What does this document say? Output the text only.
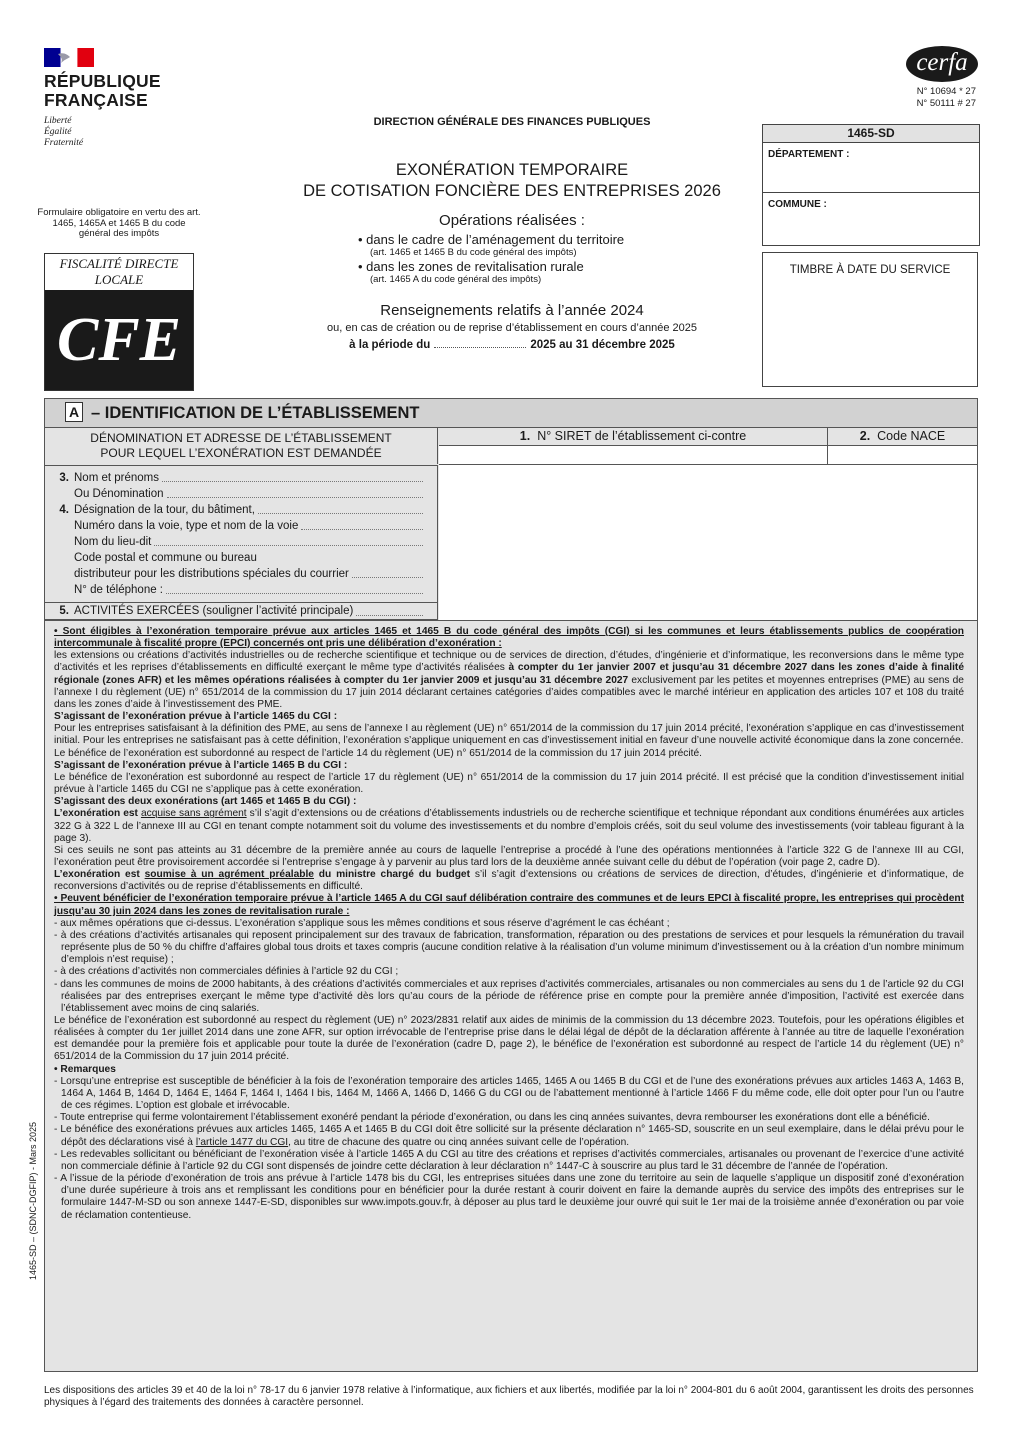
RÉPUBLIQUE
FRANÇAISE
Liberté
Égalité
Fraternité
Formulaire obligatoire en vertu des art. 1465, 1465A et 1465 B du code général des impôts
FISCALITÉ DIRECTE LOCALE
CFE
DIRECTION GÉNÉRALE DES FINANCES PUBLIQUES
EXONÉRATION TEMPORAIRE
DE COTISATION FONCIÈRE DES ENTREPRISES 2026
Opérations réalisées :
• dans le cadre de l’aménagement du territoire
(art. 1465 et 1465 B du code général des impôts)
• dans les zones de revitalisation rurale
(art. 1465 A du code général des impôts)
Renseignements relatifs à l’année 2024
ou, en cas de création ou de reprise d’établissement en cours d’année 2025
à la période du	2025 au 31 décembre 2025
cerfa
N° 10694 * 27
N° 50111 # 27
1465-SD
DÉPARTEMENT :
COMMUNE :
TIMBRE À DATE DU SERVICE
A – IDENTIFICATION DE L’ÉTABLISSEMENT
DÉNOMINATION ET ADRESSE DE L’ÉTABLISSEMENT
POUR LEQUEL L’EXONÉRATION EST DEMANDÉE
1. N° SIRET de l’établissement ci-contre	2. Code NACE
3. Nom et prénoms
Ou Dénomination
4. Désignation de la tour, du bâtiment,
Numéro dans la voie, type et nom de la voie
Nom du lieu-dit
Code postal et commune ou bureau
distributeur pour les distributions spéciales du courrier
N° de téléphone :
5. ACTIVITÉS EXERCÉES (souligner l’activité principale)

• Sont éligibles à l’exonération temporaire prévue aux articles 1465 et 1465 B du code général des impôts (CGI) si les communes et leurs établissements publics de coopération intercommunale à fiscalité propre (EPCI) concernés ont pris une délibération d’exonération :

les extensions ou créations d’activités industrielles ou de recherche scientifique et technique ou de services de direction, d’études, d’ingénierie et d’informatique, les reconversions dans le même type d’activités et les reprises d’établissements en difficulté exerçant le même type d’activités réalisées à compter du 1er janvier 2007 et jusqu’au 31 décembre 2027 dans les zones d’aide à finalité régionale (zones AFR) et les mêmes opérations réalisées à compter du 1er janvier 2009 et jusqu’au 31 décembre 2027 exclusivement par les petites et moyennes entreprises (PME) au sens de l’annexe I du règlement (UE) n° 651/2014 de la commission du 17 juin 2014 déclarant certaines catégories d’aides compatibles avec le marché intérieur en application des articles 107 et 108 du traité dans les zones d’aide à l’investissement des PME.

S’agissant de l’exonération prévue à l’article 1465 du CGI :

Pour les entreprises satisfaisant à la définition des PME, au sens de l’annexe I au règlement (UE) n° 651/2014 de la commission du 17 juin 2014 précité, l’exonération s’applique en cas d’investissement initial. Pour les entreprises ne satisfaisant pas à cette définition, l’exonération s’applique uniquement en cas d’investissement initial en faveur d’une nouvelle activité économique dans la zone concernée.

Le bénéfice de l’exonération est subordonné au respect de l’article 14 du règlement (UE) n° 651/2014 de la commission du 17 juin 2014 précité.

S’agissant de l’exonération prévue à l’article 1465 B du CGI :

Le bénéfice de l’exonération est subordonné au respect de l’article 17 du règlement (UE) n° 651/2014 de la commission du 17 juin 2014 précité. Il est précisé que la condition d’investissement initial prévue à l’article 1465 du CGI ne s’applique pas à cette exonération.

S’agissant des deux exonérations (art 1465 et 1465 B du CGI) :

L’exonération est acquise sans agrément s’il s’agit d’extensions ou de créations d’établissements industriels ou de recherche scientifique et technique répondant aux conditions énumérées aux articles 322 G à 322 L de l’annexe III au CGI en tenant compte notamment soit du volume des investissements et du nombre d’emplois créés, soit du seul volume des investissements (voir tableau figurant à la page 3).

Si ces seuils ne sont pas atteints au 31 décembre de la première année au cours de laquelle l’entreprise a procédé à l’une des opérations mentionnées à l’article 322 G de l’annexe III au CGI, l’exonération peut être provisoirement accordée si l’entreprise s’engage à y parvenir au plus tard lors de la deuxième année suivant celle du début de l’opération (voir page 2, cadre D).

L’exonération est soumise à un agrément préalable du ministre chargé du budget s’il s’agit d’extensions ou créations de services de direction, d’études, d’ingénierie et d’informatique, de reconversions d’activités ou de reprise d’établissements en difficulté.

• Peuvent bénéficier de l’exonération temporaire prévue à l’article 1465 A du CGI sauf délibération contraire des communes et de leurs EPCI à fiscalité propre, les entreprises qui procèdent jusqu’au 30 juin 2024 dans les zones de revitalisation rurale :

- aux mêmes opérations que ci-dessus. L’exonération s’applique sous les mêmes conditions et sous réserve d’agrément le cas échéant ;

- à des créations d’activités artisanales qui reposent principalement sur des travaux de fabrication, transformation, réparation ou des prestations de services et pour lesquels la rémunération du travail représente plus de 50 % du chiffre d’affaires global tous droits et taxes compris (aucune condition relative à la réalisation d’un volume minimum d’investissement ou à la création d’un nombre minimum d’emplois n’est requise) ;

- à des créations d’activités non commerciales définies à l’article 92 du CGI ;

- dans les communes de moins de 2000 habitants, à des créations d’activités commerciales et aux reprises d’activités commerciales, artisanales ou non commerciales au sens du 1 de l’article 92 du CGI réalisées par des entreprises exerçant le même type d’activité dès lors qu’au cours de la période de référence prise en compte pour la première année d’imposition, l’activité est exercée dans l’établissement avec moins de cinq salariés.

Le bénéfice de l’exonération est subordonné au respect du règlement (UE) n° 2023/2831 relatif aux aides de minimis de la commission du 13 décembre 2023. Toutefois, pour les opérations éligibles et réalisées à compter du 1er juillet 2014 dans une zone AFR, sur option irrévocable de l’entreprise prise dans le délai légal de dépôt de la déclaration afférente à l’année au titre de laquelle l’exonération est demandée pour la première fois et applicable pour toute la durée de l’exonération (cadre D, page 2), le bénéfice de l’exonération est subordonné au respect de l’article 14 du règlement (UE) n° 651/2014 de la Commission du 17 juin 2014 précité.

• Remarques

- Lorsqu’une entreprise est susceptible de bénéficier à la fois de l’exonération temporaire des articles 1465, 1465 A ou 1465 B du CGI et de l’une des exonérations prévues aux articles 1463 A, 1463 B, 1464 A, 1464 B, 1464 D, 1464 E, 1464 F, 1464 I, 1464 I bis, 1464 M, 1466 A, 1466 D, 1466 G du CGI ou de l’abattement mentionné à l’article 1466 F du même code, elle doit opter pour l’un ou l’autre de ces régimes. L’option est globale et irrévocable.

- Toute entreprise qui ferme volontairement l’établissement exonéré pendant la période d’exonération, ou dans les cinq années suivantes, devra rembourser les exonérations dont elle a bénéficié.

- Le bénéfice des exonérations prévues aux articles 1465, 1465 A et 1465 B du CGI doit être sollicité sur la présente déclaration n° 1465-SD, souscrite en un seul exemplaire, dans le délai prévu pour le dépôt des déclarations visé à l’article 1477 du CGI, au titre de chacune des quatre ou cinq années suivant celle de l’opération.

- Les redevables sollicitant ou bénéficiant de l’exonération visée à l’article 1465 A du CGI au titre des créations et reprises d’activités commerciales, artisanales ou provenant de l’exercice d’une activité non commerciale définie à l’article 92 du CGI sont dispensés de joindre cette déclaration à leur déclaration n° 1447-C à souscrire au plus tard le 31 décembre de l’année de l’opération.

- A l’issue de la période d’exonération de trois ans prévue à l’article 1478 bis du CGI, les entreprises situées dans une zone du territoire au sein de laquelle s’applique un dispositif zoné d’exonération d’une durée supérieure à trois ans et remplissant les conditions pour en bénéficier pour la durée restant à courir doivent en faire la demande auprès du service des impôts des entreprises sur le formulaire 1447-M-SD ou son annexe 1447-E-SD, disponibles sur www.impots.gouv.fr, à déposer au plus tard le deuxième jour ouvré qui suit le 1er mai de la troisième année d’exonération ou par voie de réclamation contentieuse.

1465-SD – (SDNC-DGFIP) - Mars 2025
Les dispositions des articles 39 et 40 de la loi n° 78-17 du 6 janvier 1978 relative à l’informatique, aux fichiers et aux libertés, modifiée par la loi n° 2004-801 du 6 août 2004, garantissent les droits des personnes physiques à l’égard des traitements des données à caractère personnel.
